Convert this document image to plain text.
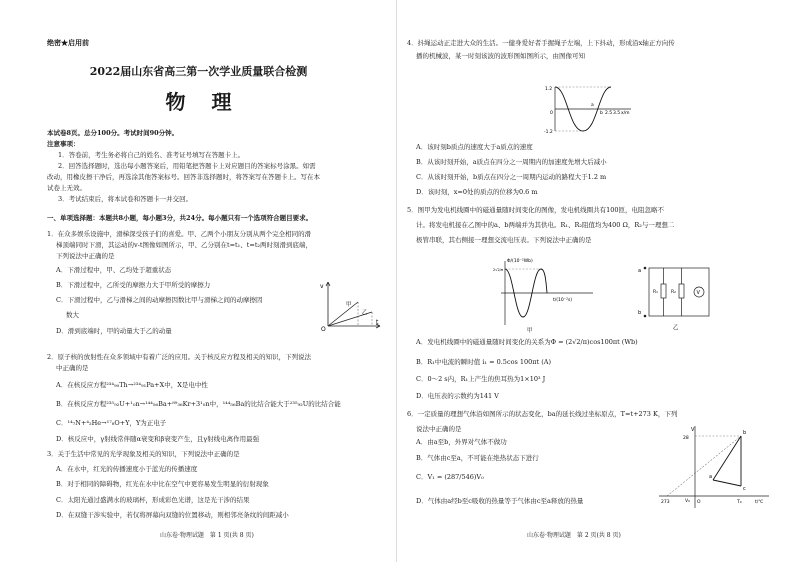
绝密★启用前
2022届山东省高三第一次学业质量联合检测
物理
本试卷8页。总分100分。考试时间90分钟。
注意事项：
1．答卷前，考生务必将自己的姓名、准考证号填写在答题卡上。
2．回答选择题时，选出每小题答案后，用铅笔把答题卡上对应题目的答案标号涂黑。如需
改动，用橡皮擦干净后，再选涂其他答案标号。回答非选择题时，将答案写在答题卡上。写在本
试卷上无效。
3．考试结束后，将本试卷和答题卡一并交回。
一、单项选择题：本题共8小题，每小题3分，共24分。每小题只有一个选项符合题目要求。
1．在众多娱乐设施中，滑梯深受孩子们的喜爱。甲、乙两个小朋友分别从两个完全相同的滑
梯顶端同时下滑，其运动的v-t图像如图所示，甲、乙分别在t=t₁、t=t₂两时刻滑到底端，
下列说法中正确的是
A．下滑过程中，甲、乙均处于超重状态
B．下滑过程中，乙所受的摩擦力大于甲所受的摩擦力
C．下滑过程中，乙与滑梯之间的动摩擦因数比甲与滑梯之间的动摩擦因
数大
D．滑到底端时，甲的动量大于乙的动量
v
t
O
甲
乙
2．原子核的放射性在众多领域中有着广泛的应用。关于核反应方程及相关的知识，下列说法
中正确的是
A．在核反应方程²³⁴₉₀Th→²³⁴₉₁Pa+X中，X是电中性
B．在核反应方程²³⁵₉₂U+¹₀n→¹⁴⁴₅₆Ba+⁸⁹₃₆Kr+3¹₀n中，¹⁴⁴₅₆Ba的比结合能大于²³⁵₉₂U的比结合能
C．¹⁴₇N+⁴₂He→¹⁷₈O+Y，Y为正电子
D．核反应中，γ射线常伴随α衰变和β衰变产生，且γ射线电离作用最强
3．关于生活中常见的光学现象及相关的知识，下列说法中正确的是
A．在水中，红光的传播速度小于蓝光的传播速度
B．对于相同的障碍物，红光在水中比在空气中更容易发生明显的衍射现象
C．太阳光通过盛满水的玻璃杯，形成彩色光谱，这是光干涉的结果
D．在双缝干涉实验中，若仅将屏幕向双缝的位置移动，则相邻亮条纹的间距减小
山东卷·物理试题　第 1 页(共 8 页)
4．抖绳运动正走进大众的生活。一健身爱好者手握绳子左端，上下抖动，形成沿x轴正方向传
播的机械波，某一时刻该波的波形图如图所示，由图像可知
1.2
-1.2
0
a
b 2.5 3.5 x/m
A．该时刻b质点的速度大于a质点的速度
B．从该时刻开始，a质点在四分之一周期内的加速度先增大后减小
C．从该时刻开始，b质点在四分之一周期内运动的路程大于1.2 m
D．该时刻，x=0处的质点的位移为0.6 m
5．图甲为发电机线圈中的磁通量随时间变化的图像，发电机线圈共有100匝，电阻忽略不
计。将发电机接在乙图中的a、b两端并为其供电。R₁、R₂阻值均为400 Ω，R₂与一理想二
极管串联，其右侧接一理想交流电压表。下列说法中正确的是
Φ/(10⁻²Wb)
t/(10⁻²s)
2√2/π
甲
a
b
R₁	R₂	V
乙
A．发电机线圈中的磁通量随时间变化的关系为Φ = (2√2/π)cos100πt (Wb)
B．R₁中电流的瞬时值 i₁ = 0.5cos 100πt (A)
C．0～2 s内，R₁上产生的焦耳热为1×10³ J
D．电压表的示数约为141 V
6．一定质量的理想气体沿如图所示的状态变化，ba的延长线过坐标原点，T=t+273 K，下列
说法中正确的是	V
28
t/℃
a
b
c
O
V₀
273	T₀
A．由a至b，外界对气体不做功
B．气体由c至a，不可能在绝热状态下进行
C．V₁ = (287/546)V₀
D．气体由a经b至c吸收的热量等于气体由c至a释放的热量
山东卷·物理试题　第 2 页(共 8 页)
